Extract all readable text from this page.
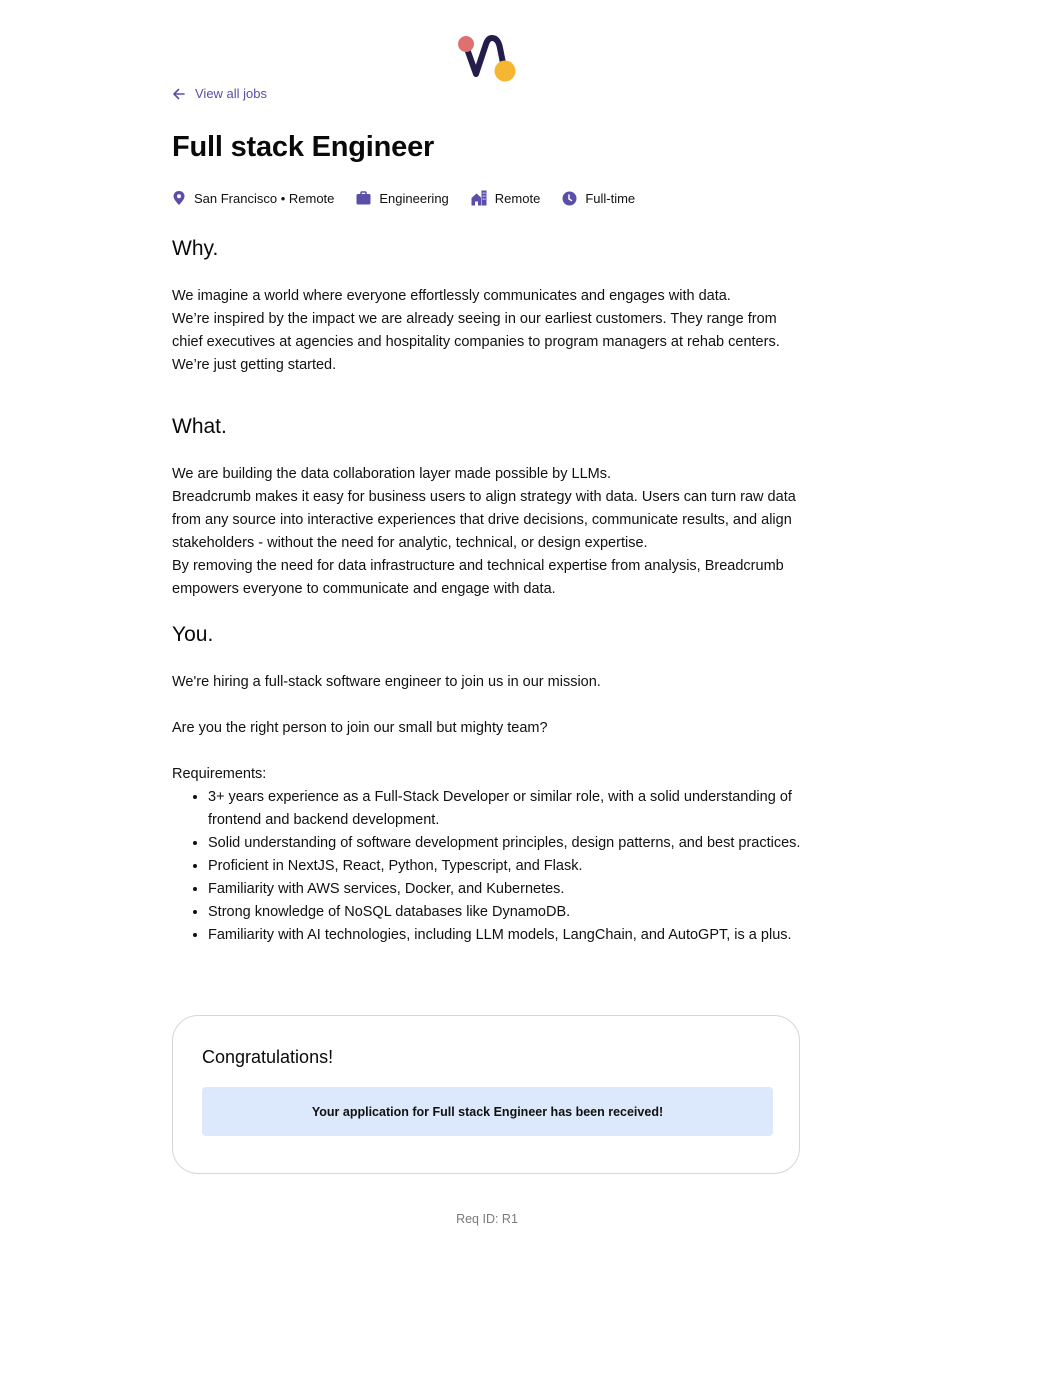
View all jobs
Full stack Engineer
San Francisco • Remote	Engineering	Remote	Full-time
Why.

We imagine a world where everyone effortlessly communicates and engages with data.

We’re inspired by the impact we are already seeing in our earliest customers. They range from chief executives at agencies and hospitality companies to program managers at rehab centers. We’re just getting started.

What.

We are building the data collaboration layer made possible by LLMs.

Breadcrumb makes it easy for business users to align strategy with data. Users can turn raw data from any source into interactive experiences that drive decisions, communicate results, and align stakeholders - without the need for analytic, technical, or design expertise.

By removing the need for data infrastructure and technical expertise from analysis, Breadcrumb empowers everyone to communicate and engage with data.

You.

We're hiring a full-stack software engineer to join us in our mission.

Are you the right person to join our small but mighty team?

Requirements:

• 3+ years experience as a Full-Stack Developer or similar role, with a solid understanding of frontend and backend development.
• Solid understanding of software development principles, design patterns, and best practices.
• Proficient in NextJS, React, Python, Typescript, and Flask.
• Familiarity with AWS services, Docker, and Kubernetes.
• Strong knowledge of NoSQL databases like DynamoDB.
• Familiarity with AI technologies, including LLM models, LangChain, and AutoGPT, is a plus.
Congratulations!
Your application for Full stack Engineer has been received!
Req ID: R1
